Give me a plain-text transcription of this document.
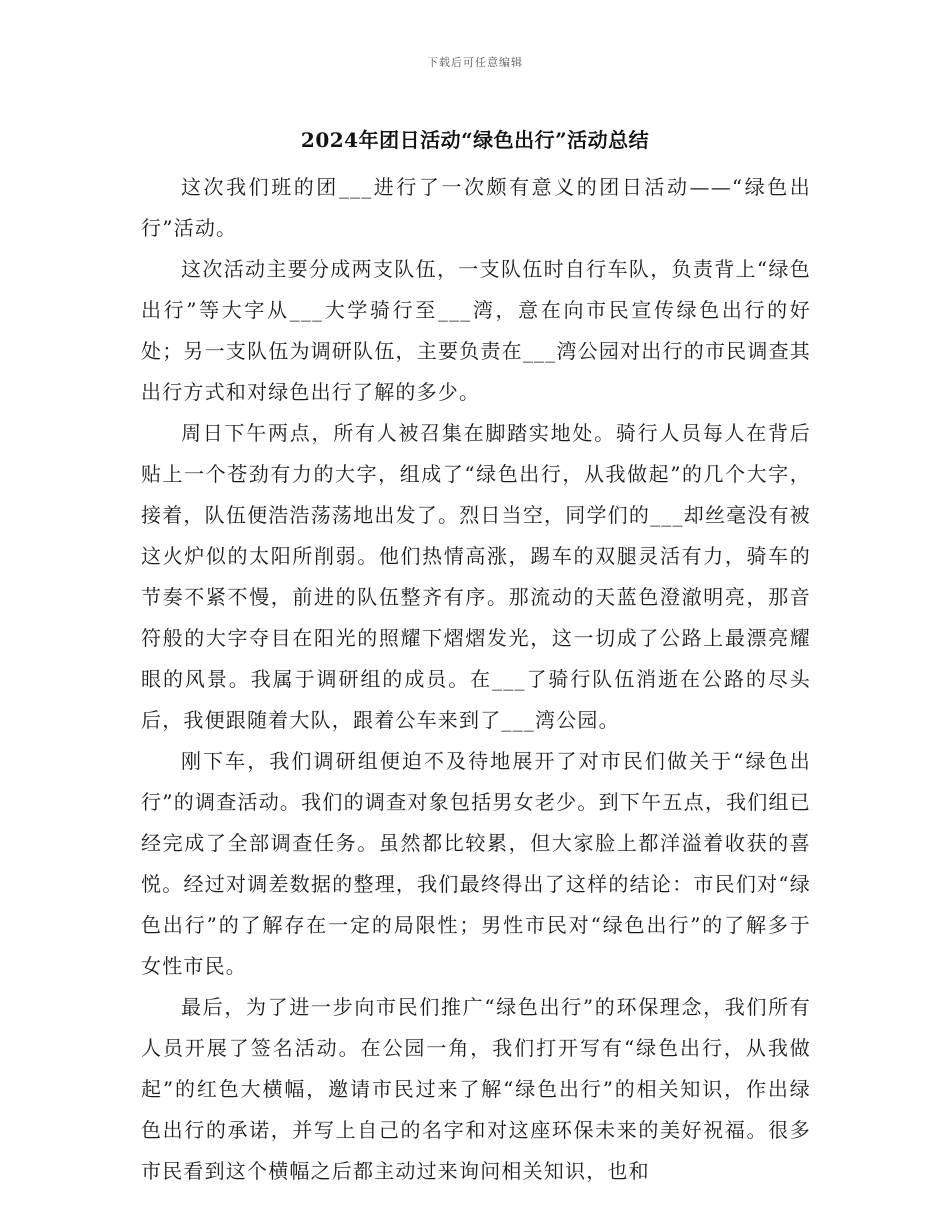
下载后可任意编辑
2024年团日活动“绿色出行”活动总结

这次我们班的团___进行了一次颇有意义的团日活动——“绿色出行”活动。

这次活动主要分成两支队伍，一支队伍时自行车队，负责背上“绿色出行”等大字从___大学骑行至___湾，意在向市民宣传绿色出行的好处；另一支队伍为调研队伍，主要负责在___湾公园对出行的市民调查其出行方式和对绿色出行了解的多少。

周日下午两点，所有人被召集在脚踏实地处。骑行人员每人在背后贴上一个苍劲有力的大字，组成了“绿色出行，从我做起”的几个大字，接着，队伍便浩浩荡荡地出发了。烈日当空，同学们的___却丝毫没有被这火炉似的太阳所削弱。他们热情高涨，踢车的双腿灵活有力，骑车的节奏不紧不慢，前进的队伍整齐有序。那流动的天蓝色澄澈明亮，那音符般的大字夺目在阳光的照耀下熠熠发光，这一切成了公路上最漂亮耀眼的风景。我属于调研组的成员。在___了骑行队伍消逝在公路的尽头后，我便跟随着大队，跟着公车来到了___湾公园。

刚下车，我们调研组便迫不及待地展开了对市民们做关于“绿色出行”的调查活动。我们的调查对象包括男女老少。到下午五点，我们组已经完成了全部调查任务。虽然都比较累，但大家脸上都洋溢着收获的喜悦。经过对调差数据的整理，我们最终得出了这样的结论：市民们对“绿色出行”的了解存在一定的局限性；男性市民对“绿色出行”的了解多于女性市民。

最后，为了进一步向市民们推广“绿色出行”的环保理念，我们所有人员开展了签名活动。在公园一角，我们打开写有“绿色出行，从我做起”的红色大横幅，邀请市民过来了解“绿色出行”的相关知识，作出绿色出行的承诺，并写上自己的名字和对这座环保未来的美好祝福。很多市民看到这个横幅之后都主动过来询问相关知识，也和
